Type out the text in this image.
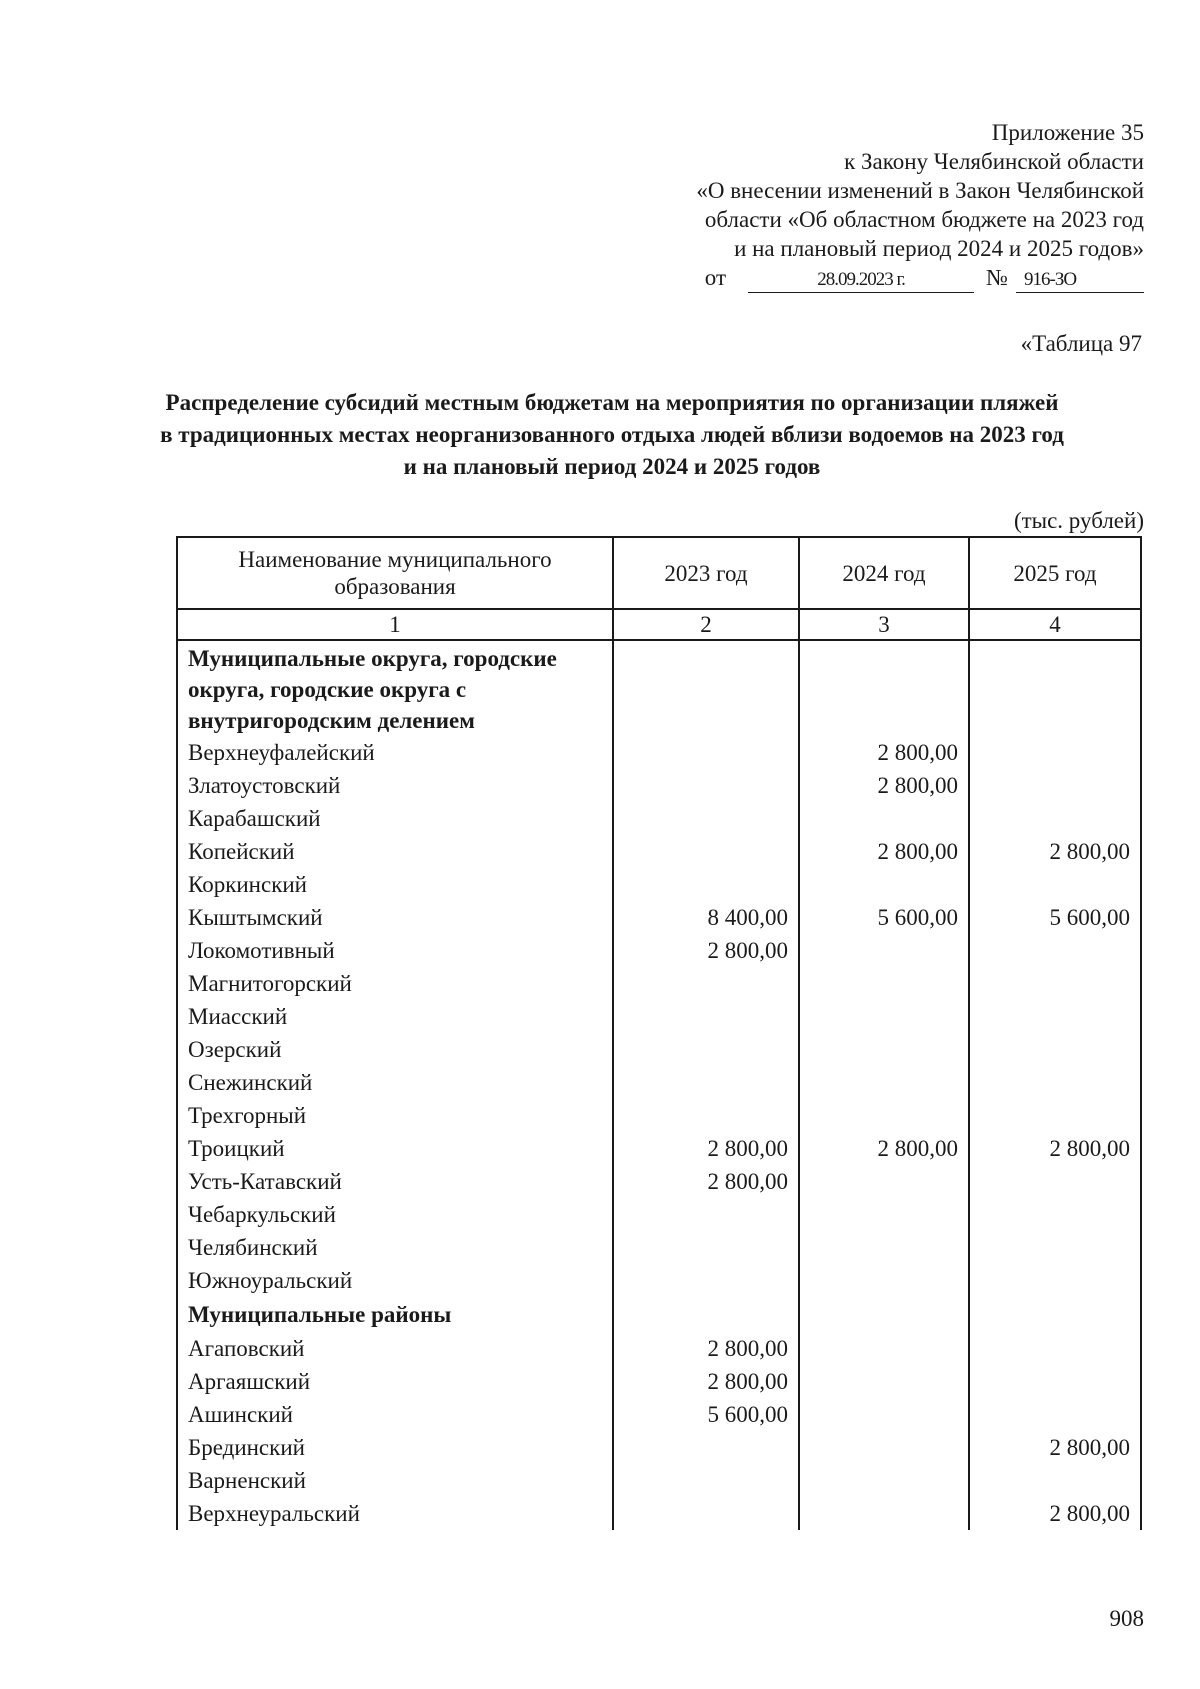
Приложение 35
к Закону Челябинской области
«О внесении изменений в Закон Челябинской
области «Об областном бюджете на 2023 год
и на плановый период 2024 и 2025 годов»
от	28.09.2023 г.	№ 916-ЗО
«Таблица 97
Распределение субсидий местным бюджетам на мероприятия по организации пляжей в традиционных местах неорганизованного отдыха людей вблизи водоемов на 2023 год и на плановый период 2024 и 2025 годов
(тыс. рублей)
Наименование муниципального образования	2023 год	2024 год	2025 год
1	2	3	4
Муниципальные округа, городские округа, городские округа с внутригородским делением			
Верхнеуфалейский		2 800,00	
Златоустовский		2 800,00	
Карабашский			
Копейский		2 800,00	2 800,00
Коркинский			
Кыштымский	8 400,00	5 600,00	5 600,00
Локомотивный	2 800,00		
Магнитогорский			
Миасский			
Озерский			
Снежинский			
Трехгорный			
Троицкий	2 800,00	2 800,00	2 800,00
Усть-Катавский	2 800,00		
Чебаркульский			
Челябинский			
Южноуральский			
Муниципальные районы			
Агаповский	2 800,00		
Аргаяшский	2 800,00		
Ашинский	5 600,00		
Брединский			2 800,00
Варненский			
Верхнеуральский			2 800,00
908
